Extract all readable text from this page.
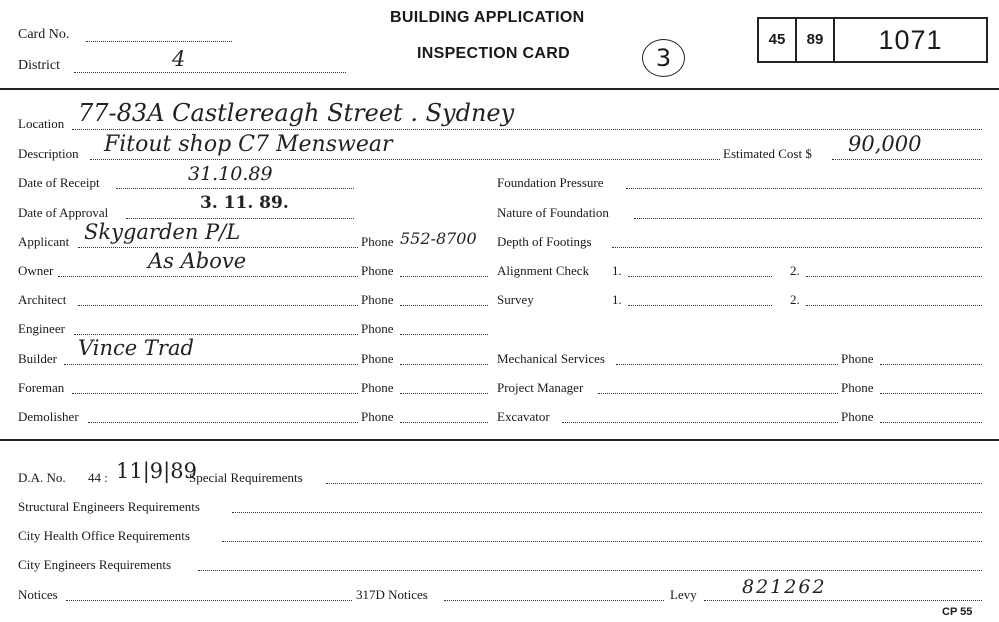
Card No.
District	4
BUILDING APPLICATION
INSPECTION CARD	3
45	89	1071
Location 77-83A Castlereagh Street . Sydney
Description Fitout shop C7 Menswear	Estimated Cost $ 90,000
Date of Receipt	31.10.89
Date of Approval	3. 11. 89.
Applicant Skygarden P/L	Phone 552-8700
Owner	As Above	Phone
Architect	Phone
Engineer	Phone
Builder Vince Trad	Phone
Foreman	Phone
Demolisher	Phone
Foundation Pressure
Nature of Foundation
Depth of Footings
Alignment Check 1.	2.
Survey	1.	2.
Mechanical Services	Phone
Project Manager	Phone
Excavator	Phone
D.A. No. 44 : 11|9|89
Special Requirements
Structural Engineers Requirements
City Health Office Requirements
City Engineers Requirements
Notices	317D Notices	Levy 821262
CP 55
